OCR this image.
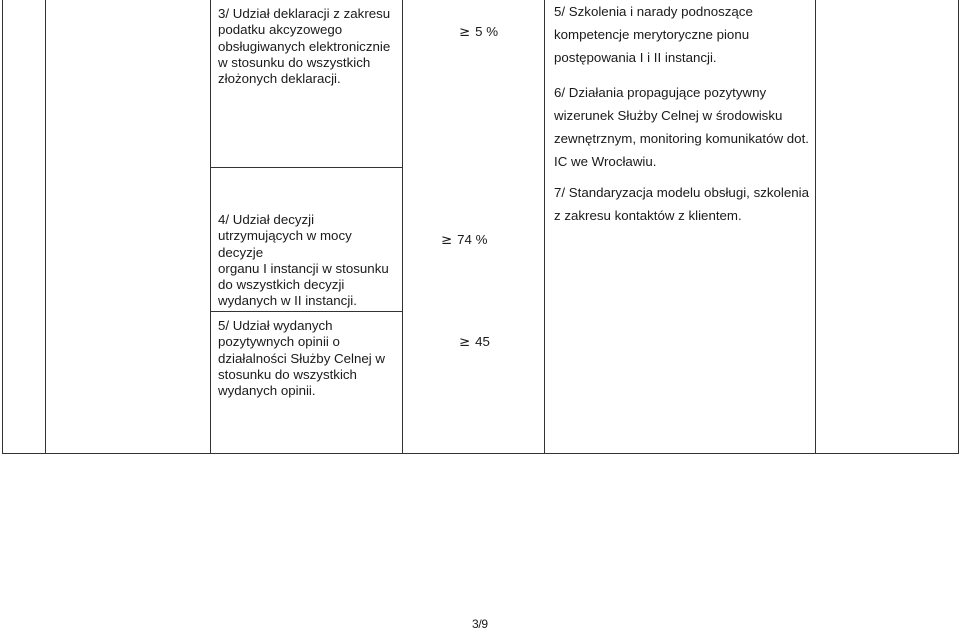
3/ Udział deklaracji z zakresu
podatku akcyzowego
obsługiwanych elektronicznie
w stosunku do wszystkich
złożonych deklaracji.
4/ Udział decyzji
utrzymujących w mocy decyzje
organu I instancji w stosunku
do wszystkich decyzji
wydanych w II instancji.
5/ Udział wydanych
pozytywnych opinii o
działalności Służby Celnej w
stosunku do wszystkich
wydanych opinii.
≥ 5 %
≥ 74 %
≥ 45

5/ Szkolenia i narady podnoszące kompetencje merytoryczne pionu postępowania I i II instancji.

6/ Działania propagujące pozytywny wizerunek Służby Celnej w środowisku zewnętrznym, monitoring komunikatów dot. IC we Wrocławiu.

7/ Standaryzacja modelu obsługi, szkolenia z zakresu kontaktów z klientem.

3/9
